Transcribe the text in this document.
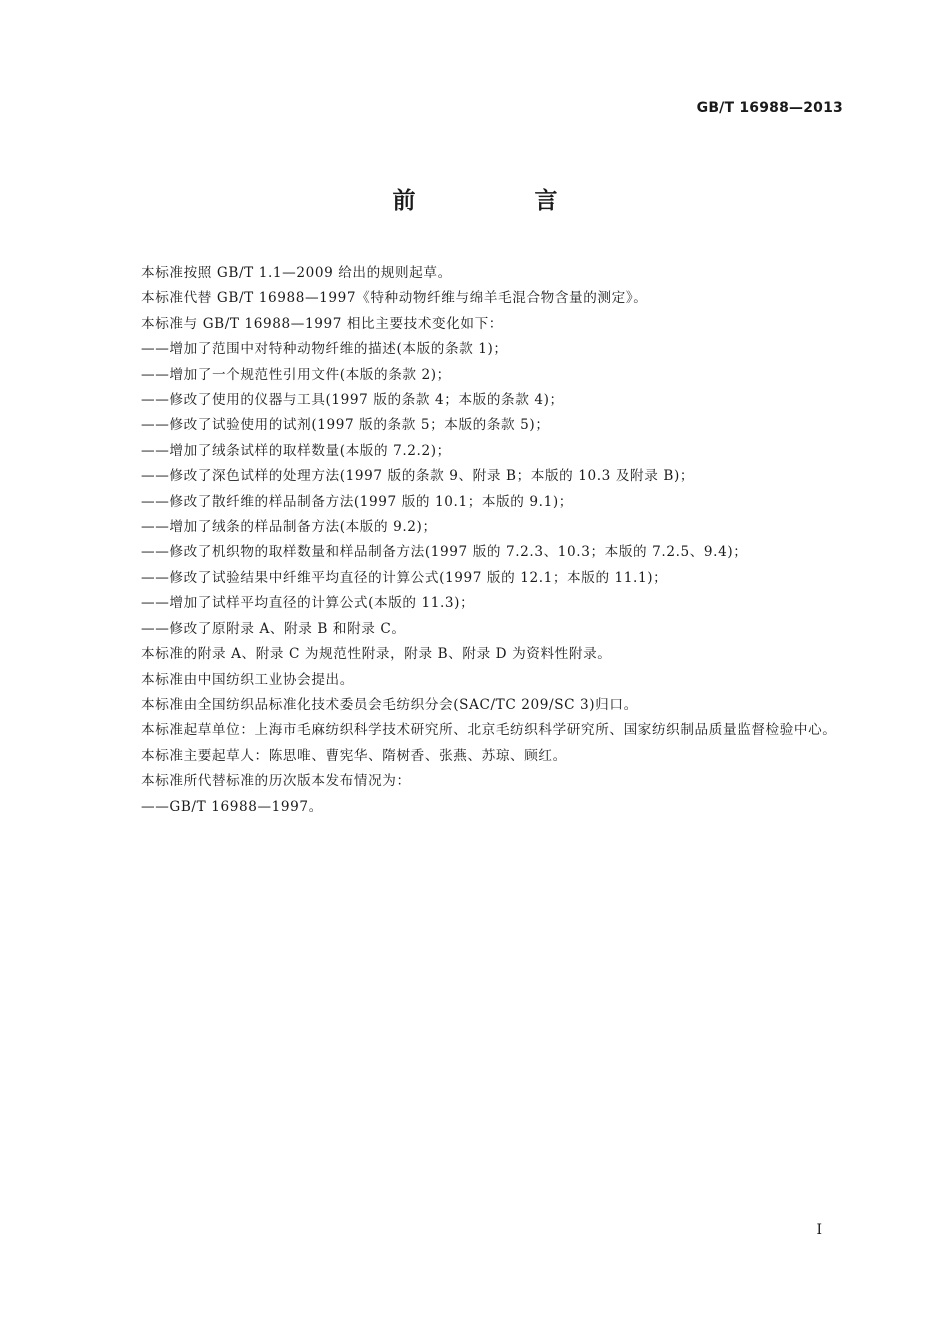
GB/T 16988—2013
前　言

本标准按照 GB/T 1.1—2009 给出的规则起草。

本标准代替 GB/T 16988—1997《特种动物纤维与绵羊毛混合物含量的测定》。

本标准与 GB/T 16988—1997 相比主要技术变化如下：

——增加了范围中对特种动物纤维的描述(本版的条款 1)；

——增加了一个规范性引用文件(本版的条款 2)；

——修改了使用的仪器与工具(1997 版的条款 4；本版的条款 4)；

——修改了试验使用的试剂(1997 版的条款 5；本版的条款 5)；

——增加了绒条试样的取样数量(本版的 7.2.2)；

——修改了深色试样的处理方法(1997 版的条款 9、附录 B；本版的 10.3 及附录 B)；

——修改了散纤维的样品制备方法(1997 版的 10.1；本版的 9.1)；

——增加了绒条的样品制备方法(本版的 9.2)；

——修改了机织物的取样数量和样品制备方法(1997 版的 7.2.3、10.3；本版的 7.2.5、9.4)；

——修改了试验结果中纤维平均直径的计算公式(1997 版的 12.1；本版的 11.1)；

——增加了试样平均直径的计算公式(本版的 11.3)；

——修改了原附录 A、附录 B 和附录 C。

本标准的附录 A、附录 C 为规范性附录，附录 B、附录 D 为资料性附录。

本标准由中国纺织工业协会提出。

本标准由全国纺织品标准化技术委员会毛纺织分会(SAC/TC 209/SC 3)归口。

本标准起草单位：上海市毛麻纺织科学技术研究所、北京毛纺织科学研究所、国家纺织制品质量监督检验中心。

本标准主要起草人：陈思唯、曹宪华、隋树香、张燕、苏琼、顾红。

本标准所代替标准的历次版本发布情况为：

——GB/T 16988—1997。

I
